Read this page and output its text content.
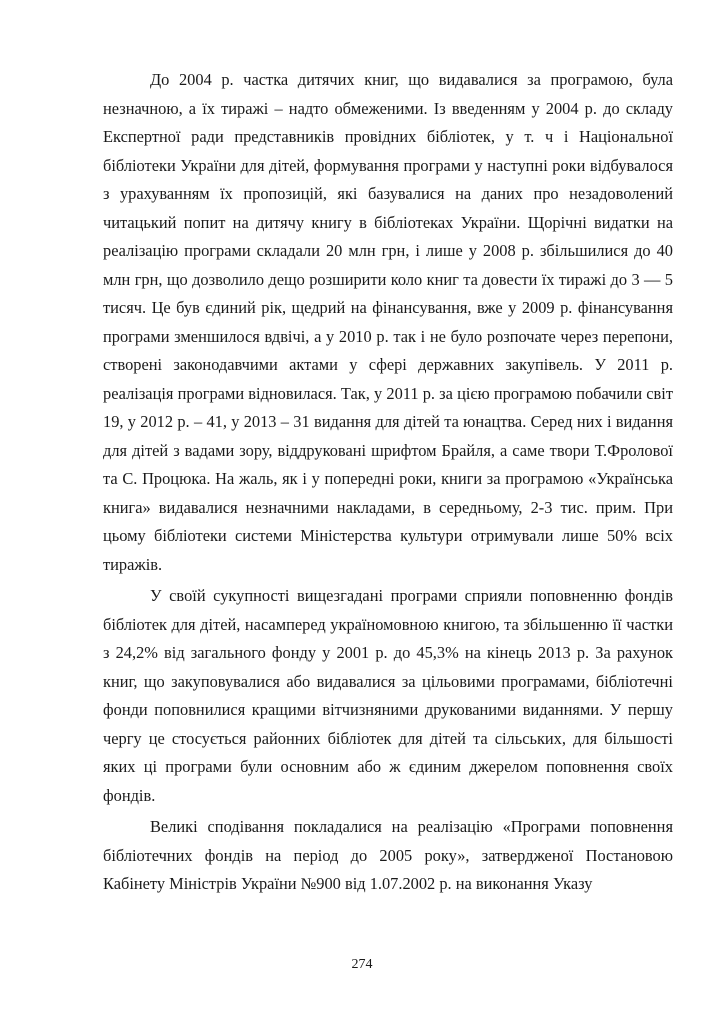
До 2004 р. частка дитячих книг, що видавалися за програмою, була незначною, а їх тиражі – надто обмеженими. Із введенням у 2004 р. до складу Експертної ради представників провідних бібліотек, у т. ч і Національної бібліотеки України для дітей, формування програми у наступні роки відбувалося з урахуванням їх пропозицій, які базувалися на даних про незадоволений читацький попит на дитячу книгу в бібліотеках України. Щорічні видатки на реалізацію програми складали 20 млн грн, і лише у 2008 р. збільшилися до 40 млн грн, що дозволило дещо розширити коло книг та довести їх тиражі до 3 — 5 тисяч. Це був єдиний рік, щедрий на фінансування, вже у 2009 р. фінансування програми зменшилося вдвічі, а у 2010 р. так і не було розпочате через перепони, створені законодавчими актами у сфері державних закупівель. У 2011 р. реалізація програми відновилася. Так, у 2011 р. за цією програмою побачили світ 19, у 2012 р. – 41, у 2013 – 31 видання для дітей та юнацтва. Серед них і видання для дітей з вадами зору, віддруковані шрифтом Брайля, а саме твори Т.Фролової та С. Процюка. На жаль, як і у попередні роки, книги за програмою «Українська книга» видавалися незначними накладами, в середньому, 2-3 тис. прим. При цьому бібліотеки системи Міністерства культури отримували лише 50% всіх тиражів.

У своїй сукупності вищезгадані програми сприяли поповненню фондів бібліотек для дітей, насамперед україномовною книгою, та збільшенню її частки з 24,2% від загального фонду у 2001 р. до 45,3% на кінець 2013 р. За рахунок книг, що закуповувалися або видавалися за цільовими програмами, бібліотечні фонди поповнилися кращими вітчизняними друкованими виданнями. У першу чергу це стосується районних бібліотек для дітей та сільських, для більшості яких ці програми були основним або ж єдиним джерелом поповнення своїх фондів.

Великі сподівання покладалися на реалізацію «Програми поповнення бібліотечних фондів на період до 2005 року», затвердженої Постановою Кабінету Міністрів України №900 від 1.07.2002 р. на виконання Указу

274
